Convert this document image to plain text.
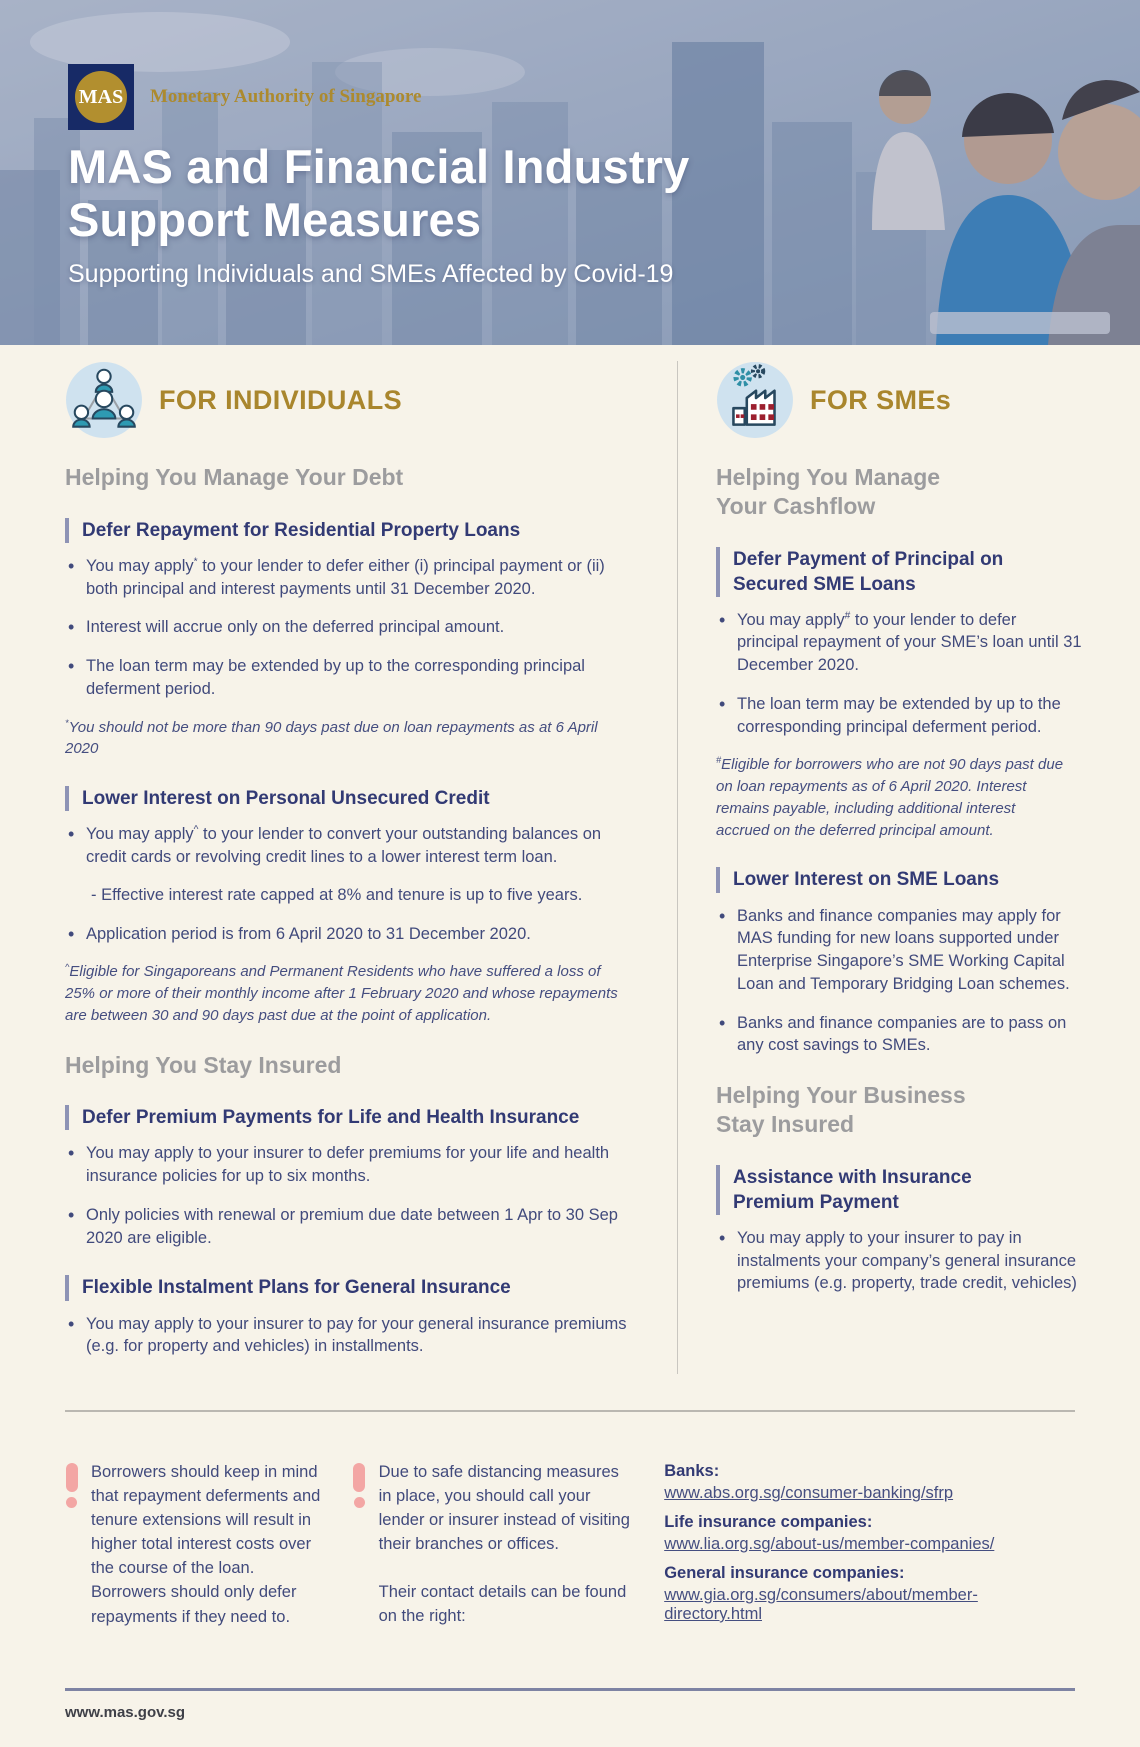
MAS Monetary Authority of Singapore
MAS and Financial Industry
Support Measures

Supporting Individuals and SMEs Affected by Covid-19

FOR INDIVIDUALS
Helping You Manage Your Debt
Defer Repayment for Residential Property Loans
• You may apply* to your lender to defer either (i) principal payment or (ii) both principal and interest payments until 31 December 2020.
• Interest will accrue only on the deferred principal amount.
• The loan term may be extended by up to the corresponding principal deferment period.

*You should not be more than 90 days past due on loan repayments as at 6 April 2020

Lower Interest on Personal Unsecured Credit
• You may apply^ to your lender to convert your outstanding balances on credit cards or revolving credit lines to a lower interest term loan.
- Effective interest rate capped at 8% and tenure is up to five years.
• Application period is from 6 April 2020 to 31 December 2020.

^Eligible for Singaporeans and Permanent Residents who have suffered a loss of 25% or more of their monthly income after 1 February 2020 and whose repayments are between 30 and 90 days past due at the point of application.

Helping You Stay Insured
Defer Premium Payments for Life and Health Insurance
• You may apply to your insurer to defer premiums for your life and health insurance policies for up to six months.
• Only policies with renewal or premium due date between 1 Apr to 30 Sep 2020 are eligible.
Flexible Instalment Plans for General Insurance
• You may apply to your insurer to pay for your general insurance premiums (e.g. for property and vehicles) in installments.
FOR SMEs
Helping You Manage Your Cashflow
Defer Payment of Principal on Secured SME Loans
• You may apply# to your lender to defer principal repayment of your SME’s loan until 31 December 2020.
• The loan term may be extended by up to the corresponding principal deferment period.

#Eligible for borrowers who are not 90 days past due on loan repayments as of 6 April 2020. Interest remains payable, including additional interest accrued on the deferred principal amount.

Lower Interest on SME Loans
• Banks and finance companies may apply for MAS funding for new loans supported under Enterprise Singapore’s SME Working Capital Loan and Temporary Bridging Loan schemes.
• Banks and finance companies are to pass on any cost savings to SMEs.
Helping Your Business Stay Insured
Assistance with Insurance Premium Payment
• You may apply to your insurer to pay in instalments your company’s general insurance premiums (e.g. property, trade credit, vehicles)

Borrowers should keep in mind that repayment deferments and tenure extensions will result in higher total interest costs over the course of the loan. Borrowers should only defer repayments if they need to.

Due to safe distancing measures in place, you should call your lender or insurer instead of visiting their branches or offices.

Their contact details can be found on the right:

Banks:

www.abs.org.sg/consumer-banking/sfrp

Life insurance companies:

www.lia.org.sg/about-us/member-companies/

General insurance companies:

www.gia.org.sg/consumers/about/member-directory.html

www.mas.gov.sg
